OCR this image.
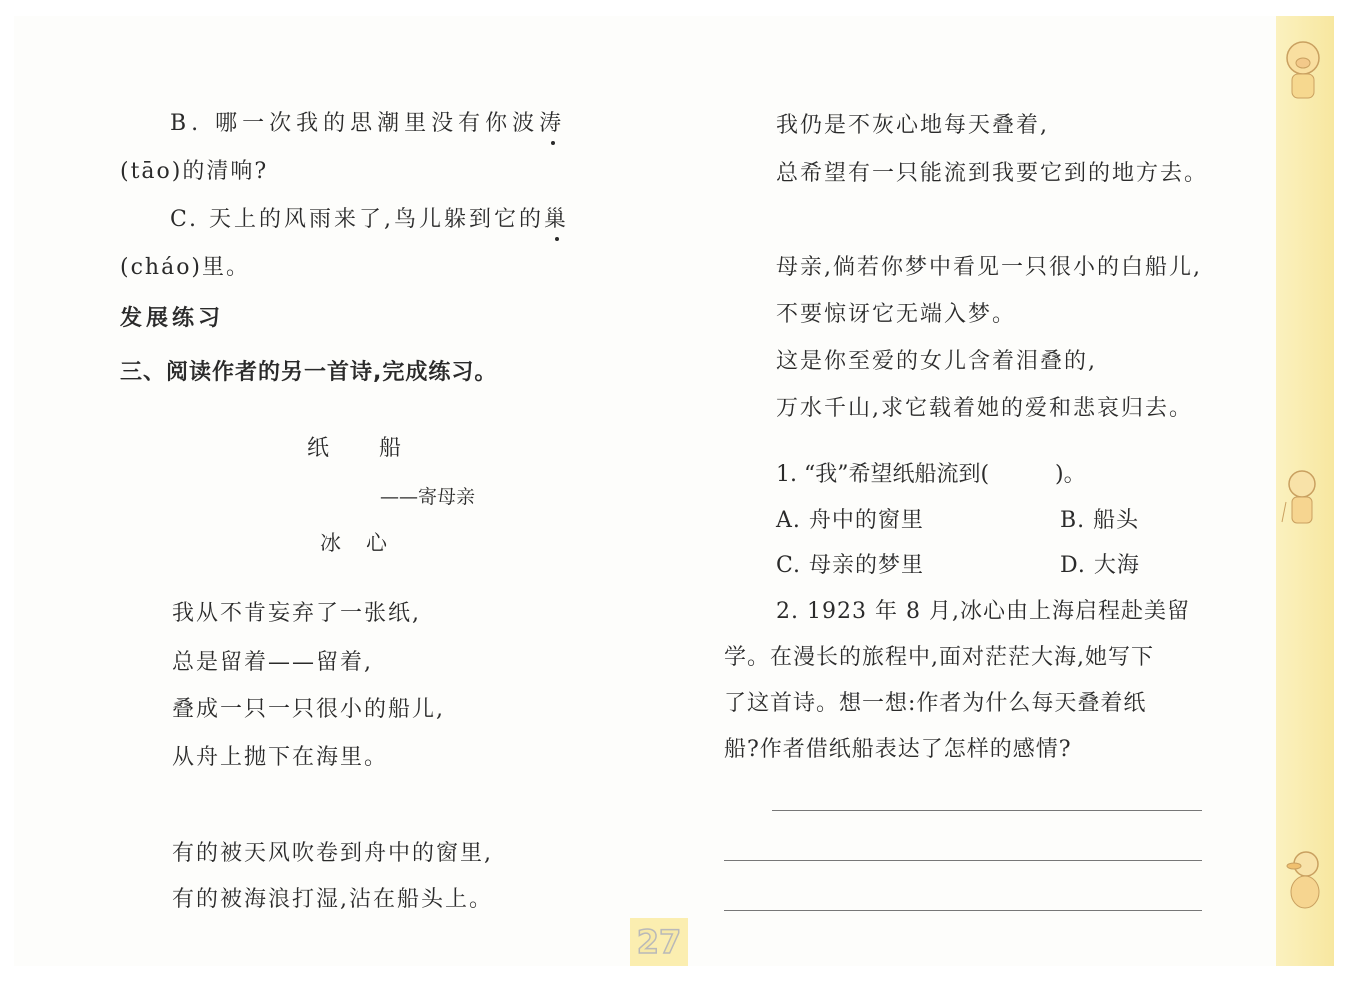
B. 哪一次我的思潮里没有你波涛
(tāo)的清响?
C. 天上的风雨来了,鸟儿躲到它的巢
(cháo)里。
发展练习
三、阅读作者的另一首诗,完成练习。
纸　　船
——寄母亲
冰　心
我从不肯妄弃了一张纸,
总是留着——留着,
叠成一只一只很小的船儿,
从舟上抛下在海里。
有的被天风吹卷到舟中的窗里,
有的被海浪打湿,沾在船头上。
我仍是不灰心地每天叠着,
总希望有一只能流到我要它到的地方去。
母亲,倘若你梦中看见一只很小的白船儿,
不要惊讶它无端入梦。
这是你至爱的女儿含着泪叠的,
万水千山,求它载着她的爱和悲哀归去。
1. “我”希望纸船流到(　　　)。
A. 舟中的窗里	B. 船头
C. 母亲的梦里	D. 大海
2. 1923 年 8 月,冰心由上海启程赴美留
学。在漫长的旅程中,面对茫茫大海,她写下
了这首诗。想一想:作者为什么每天叠着纸
船?作者借纸船表达了怎样的感情?
27
